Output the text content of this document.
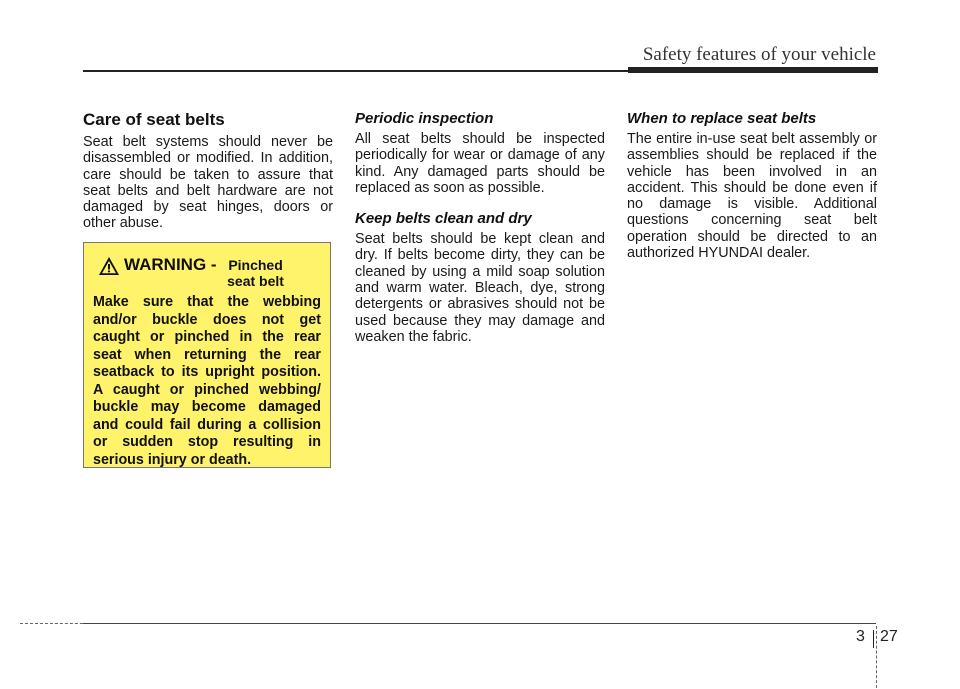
Safety features of your vehicle
Care of seat belts

Seat belt systems should never be disassembled or modified. In addition, care should be taken to assure that seat belts and belt hardware are not damaged by seat hinges, doors or other abuse.

WARNING - Pinched seat belt

Make sure that the webbing and/or buckle does not get caught or pinched in the rear seat when returning the rear seatback to its upright position. A caught or pinched webbing/ buckle may become damaged and could fail during a collision or sudden stop resulting in serious injury or death.

Periodic inspection

All seat belts should be inspected periodically for wear or damage of any kind. Any damaged parts should be replaced as soon as possible.

Keep belts clean and dry

Seat belts should be kept clean and dry. If belts become dirty, they can be cleaned by using a mild soap solution and warm water. Bleach, dye, strong detergents or abrasives should not be used because they may damage and weaken the fabric.

When to replace seat belts

The entire in-use seat belt assembly or assemblies should be replaced if the vehicle has been involved in an accident. This should be done even if no damage is visible. Additional questions concerning seat belt operation should be directed to an authorized HYUNDAI dealer.

3 27
